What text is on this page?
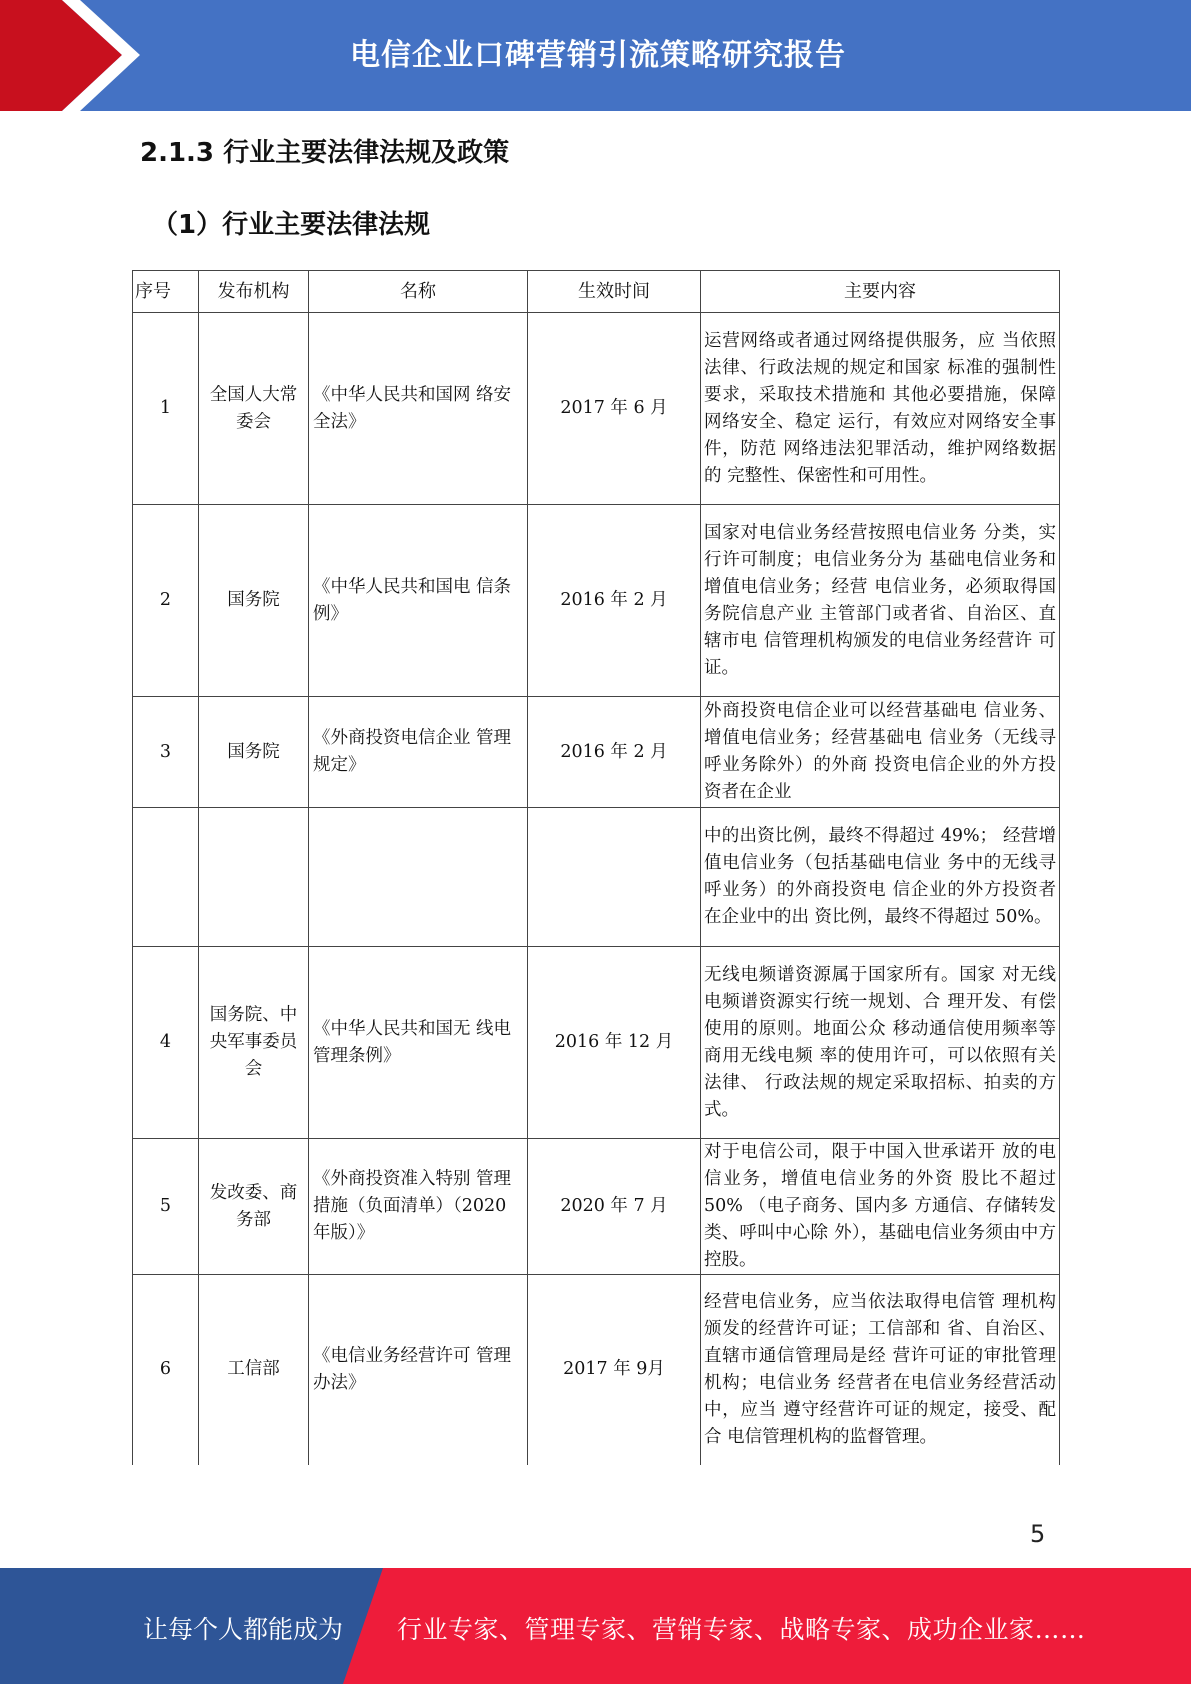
电信企业口碑营销引流策略研究报告
2.1.3 行业主要法律法规及政策
（1）行业主要法律法规
序号	发布机构	名称	生效时间	主要内容
1	全国人大常委会	《中华人民共和国网 络安全法》	2017 年 6 月	运营网络或者通过网络提供服务，应 当依照法律、行政法规的规定和国家 标准的强制性要求，采取技术措施和 其他必要措施，保障网络安全、稳定 运行，有效应对网络安全事件，防范 网络违法犯罪活动，维护网络数据的 完整性、保密性和可用性。
2	国务院	《中华人民共和国电 信条例》	2016 年 2 月	国家对电信业务经营按照电信业务 分类，实行许可制度；电信业务分为 基础电信业务和增值电信业务；经营 电信业务，必须取得国务院信息产业 主管部门或者省、自治区、直辖市电 信管理机构颁发的电信业务经营许 可证。
3	国务院	《外商投资电信企业 管理规定》	2016 年 2 月	外商投资电信企业可以经营基础电 信业务、增值电信业务；经营基础电 信业务（无线寻呼业务除外）的外商 投资电信企业的外方投资者在企业
				中的出资比例，最终不得超过 49%； 经营增值电信业务（包括基础电信业 务中的无线寻呼业务）的外商投资电 信企业的外方投资者在企业中的出 资比例，最终不得超过 50%。
4	国务院、中央军事委员会	《中华人民共和国无 线电管理条例》	2016 年 12 月	无线电频谱资源属于国家所有。国家 对无线电频谱资源实行统一规划、合 理开发、有偿使用的原则。地面公众 移动通信使用频率等商用无线电频 率的使用许可，可以依照有关法律、 行政法规的规定采取招标、拍卖的方 式。
5	发改委、商务部	《外商投资准入特别 管理措施（负面清单）（2020 年版）》	2020 年 7 月	对于电信公司，限于中国入世承诺开 放的电信业务，增值电信业务的外资 股比不超过 50% （电子商务、国内多 方通信、存储转发类、呼叫中心除 外），基础电信业务须由中方控股。
6	工信部	《电信业务经营许可 管理办法》	2017 年 9月	经营电信业务，应当依法取得电信管 理机构颁发的经营许可证；工信部和 省、自治区、直辖市通信管理局是经 营许可证的审批管理机构；电信业务 经营者在电信业务经营活动中，应当 遵守经营许可证的规定，接受、配合 电信管理机构的监督管理。
5
让每个人都能成为 行业专家、管理专家、营销专家、战略专家、成功企业家……
